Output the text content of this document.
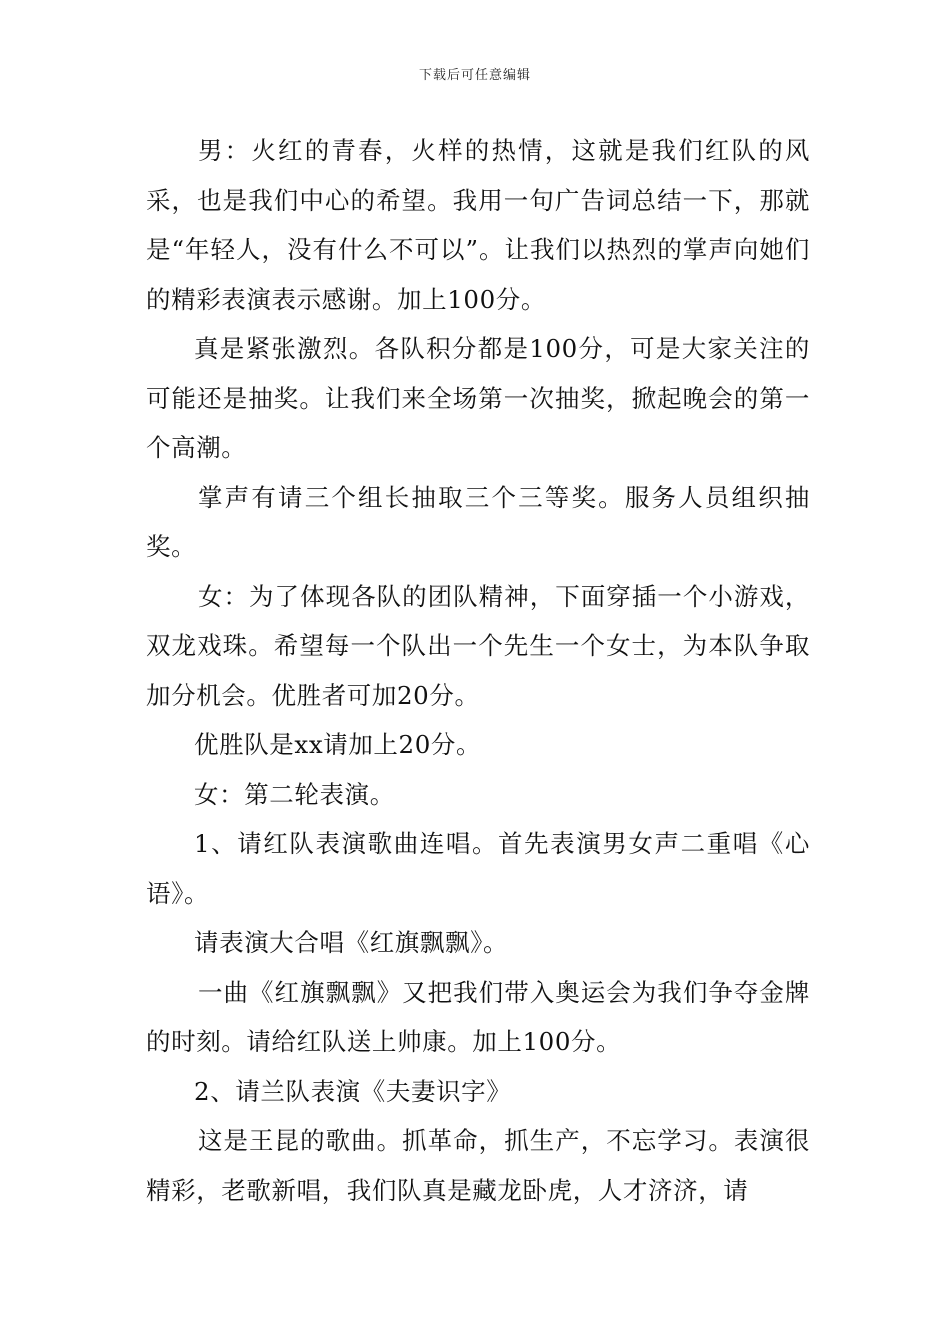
下载后可任意编辑

男：火红的青春，火样的热情，这就是我们红队的风采，也是我们中心的希望。我用一句广告词总结一下，那就是“年轻人，没有什么不可以”。让我们以热烈的掌声向她们的精彩表演表示感谢。加上100分。

真是紧张激烈。各队积分都是100分，可是大家关注的可能还是抽奖。让我们来全场第一次抽奖，掀起晚会的第一个高潮。

掌声有请三个组长抽取三个三等奖。服务人员组织抽奖。

女：为了体现各队的团队精神，下面穿插一个小游戏，双龙戏珠。希望每一个队出一个先生一个女士，为本队争取加分机会。优胜者可加20分。

优胜队是xx请加上20分。

女：第二轮表演。

1、请红队表演歌曲连唱。首先表演男女声二重唱《心语》。

请表演大合唱《红旗飘飘》。

一曲《红旗飘飘》又把我们带入奥运会为我们争夺金牌的时刻。请给红队送上帅康。加上100分。

2、请兰队表演《夫妻识字》

这是王昆的歌曲。抓革命，抓生产，不忘学习。表演很精彩，老歌新唱，我们队真是藏龙卧虎，人才济济，请
